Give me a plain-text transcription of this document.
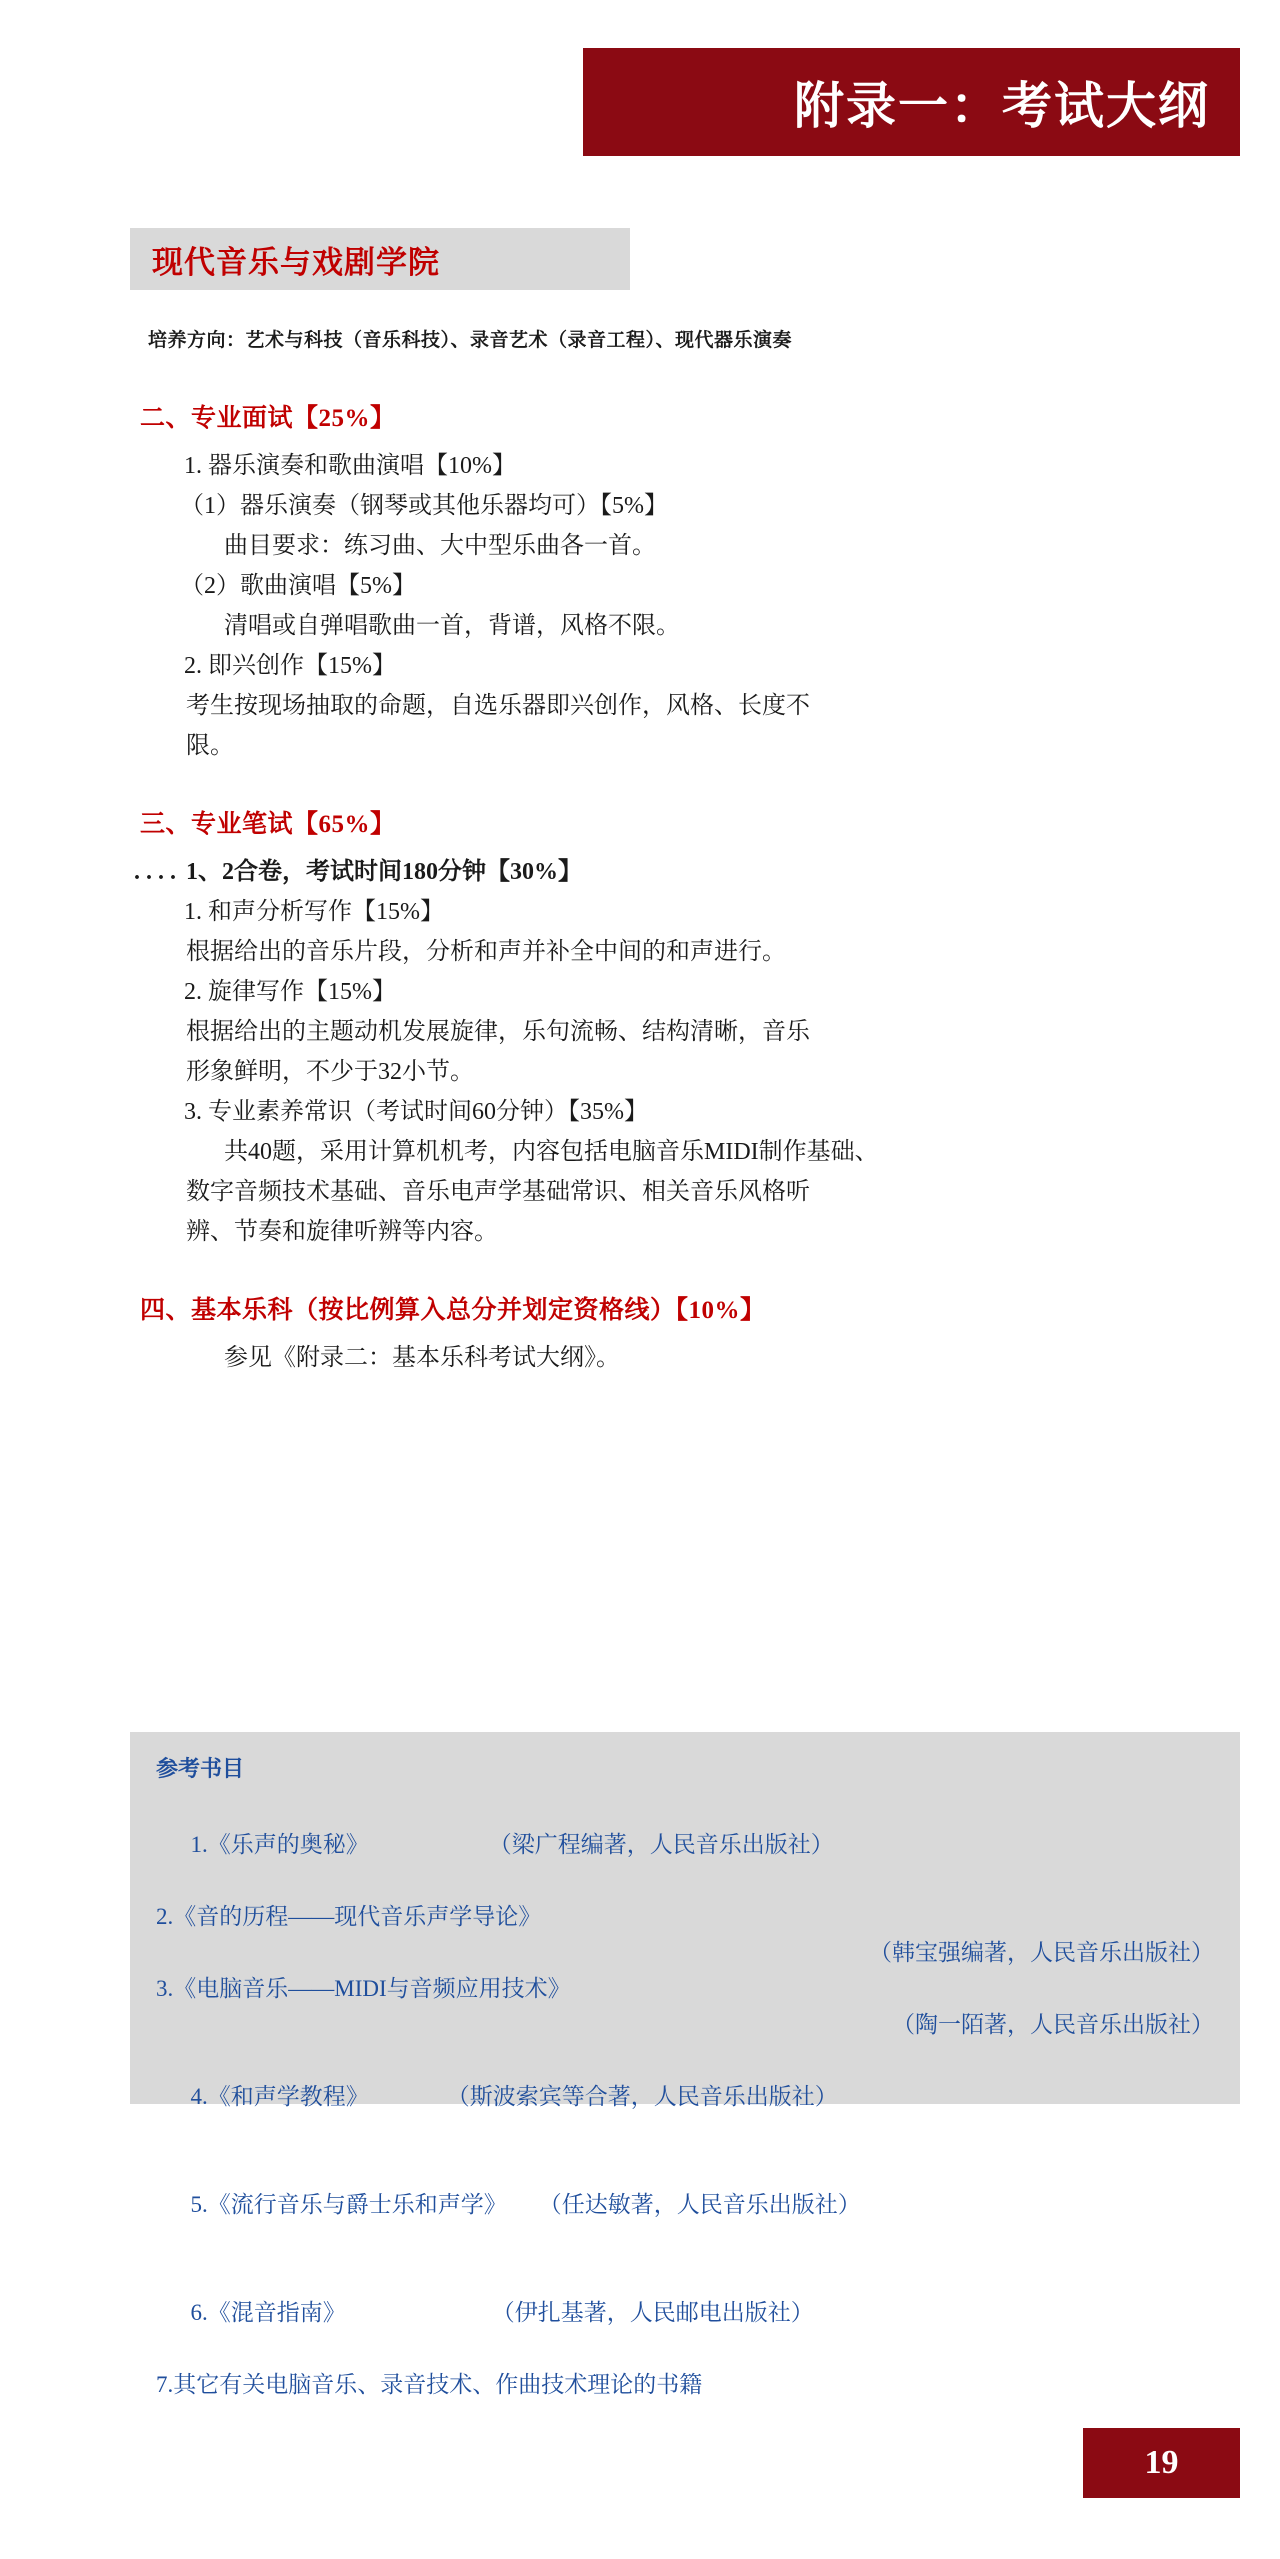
附录一：考试大纲
现代音乐与戏剧学院
培养方向：艺术与科技（音乐科技）、录音艺术（录音工程）、现代器乐演奏

二、专业面试【25%】

1. 器乐演奏和歌曲演唱【10%】

（1）器乐演奏（钢琴或其他乐器均可）【5%】

曲目要求：练习曲、大中型乐曲各一首。

（2）歌曲演唱【5%】

清唱或自弹唱歌曲一首，背谱，风格不限。

2. 即兴创作【15%】

考生按现场抽取的命题，自选乐器即兴创作，风格、长度不

限。

三、专业笔试【65%】

.... 1、2合卷，考试时间180分钟【30%】

1. 和声分析写作【15%】

根据给出的音乐片段，分析和声并补全中间的和声进行。

2. 旋律写作【15%】

根据给出的主题动机发展旋律，乐句流畅、结构清晰，音乐

形象鲜明，不少于32小节。

3. 专业素养常识（考试时间60分钟）【35%】

共40题，采用计算机机考，内容包括电脑音乐MIDI制作基础、

数字音频技术基础、音乐电声学基础常识、相关音乐风格听

辨、节奏和旋律听辨等内容。

四、基本乐科（按比例算入总分并划定资格线）【10%】

参见《附录二：基本乐科考试大纲》。

参考书目

1.《乐声的奥秘》	（梁广程编著，人民音乐出版社）

2.《音的历程——现代音乐声学导论》

（韩宝强编著，人民音乐出版社）

3.《电脑音乐——MIDI与音频应用技术》

（陶一陌著，人民音乐出版社）

4.《和声学教程》	（斯波索宾等合著，人民音乐出版社）

5.《流行音乐与爵士乐和声学》 （任达敏著，人民音乐出版社）

6.《混音指南》	（伊扎基著，人民邮电出版社）

7.其它有关电脑音乐、录音技术、作曲技术理论的书籍

19
